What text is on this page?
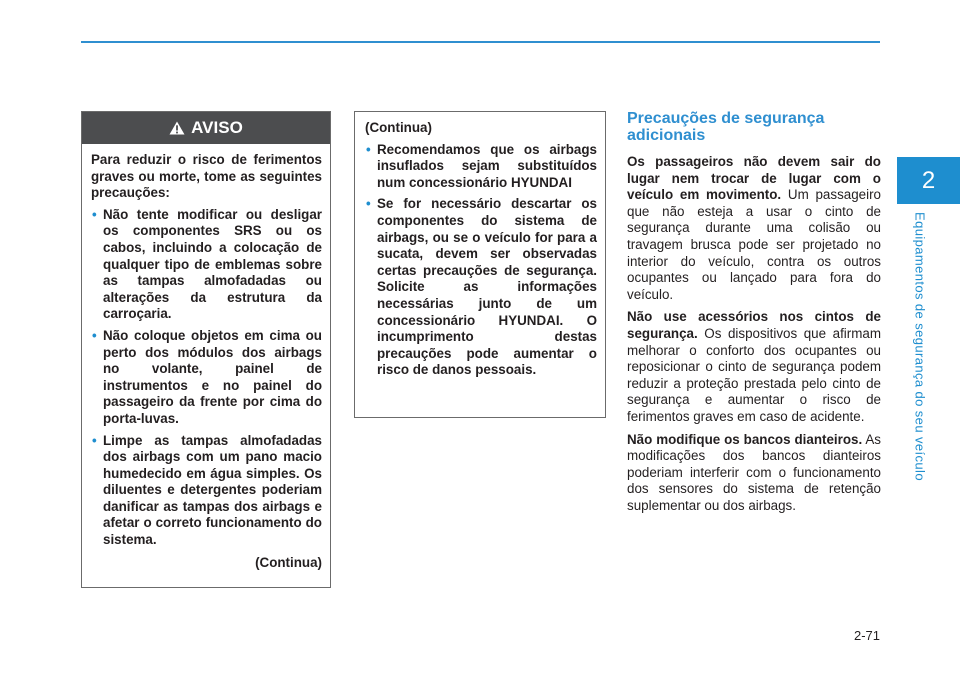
2
Equipamentos de segurança do seu veículo
AVISO

Para reduzir o risco de ferimentos graves ou morte, tome as seguintes precauções:

• Não tente modificar ou desligar os componentes SRS ou os cabos, incluindo a colocação de qualquer tipo de emblemas sobre as tampas almofadadas ou alterações da estrutura da carroçaria.
• Não coloque objetos em cima ou perto dos módulos dos airbags no volante, painel de instrumentos e no painel do passageiro da frente por cima do porta-luvas.
• Limpe as tampas almofadadas dos airbags com um pano macio humedecido em água simples. Os diluentes e detergentes poderiam danificar as tampas dos airbags e afetar o correto funcionamento do sistema.

(Continua)

(Continua)

• Recomendamos que os airbags insuflados sejam substituídos num concessionário HYUNDAI
• Se for necessário descartar os componentes do sistema de airbags, ou se o veículo for para a sucata, devem ser observadas certas precauções de segurança. Solicite as informações necessárias junto de um concessionário HYUNDAI. O incumprimento destas precauções pode aumentar o risco de danos pessoais.
Precauções de segurança adicionais

Os passageiros não devem sair do lugar nem trocar de lugar com o veículo em movimento. Um passageiro que não esteja a usar o cinto de segurança durante uma colisão ou travagem brusca pode ser projetado no interior do veículo, contra os outros ocupantes ou lançado para fora do veículo.

Não use acessórios nos cintos de segurança. Os dispositivos que afirmam melhorar o conforto dos ocupantes ou reposicionar o cinto de segurança podem reduzir a proteção prestada pelo cinto de segurança e aumentar o risco de ferimentos graves em caso de acidente.

Não modifique os bancos dianteiros. As modificações dos bancos dianteiros poderiam interferir com o funcionamento dos sensores do sistema de retenção suplementar ou dos airbags.

2-71
